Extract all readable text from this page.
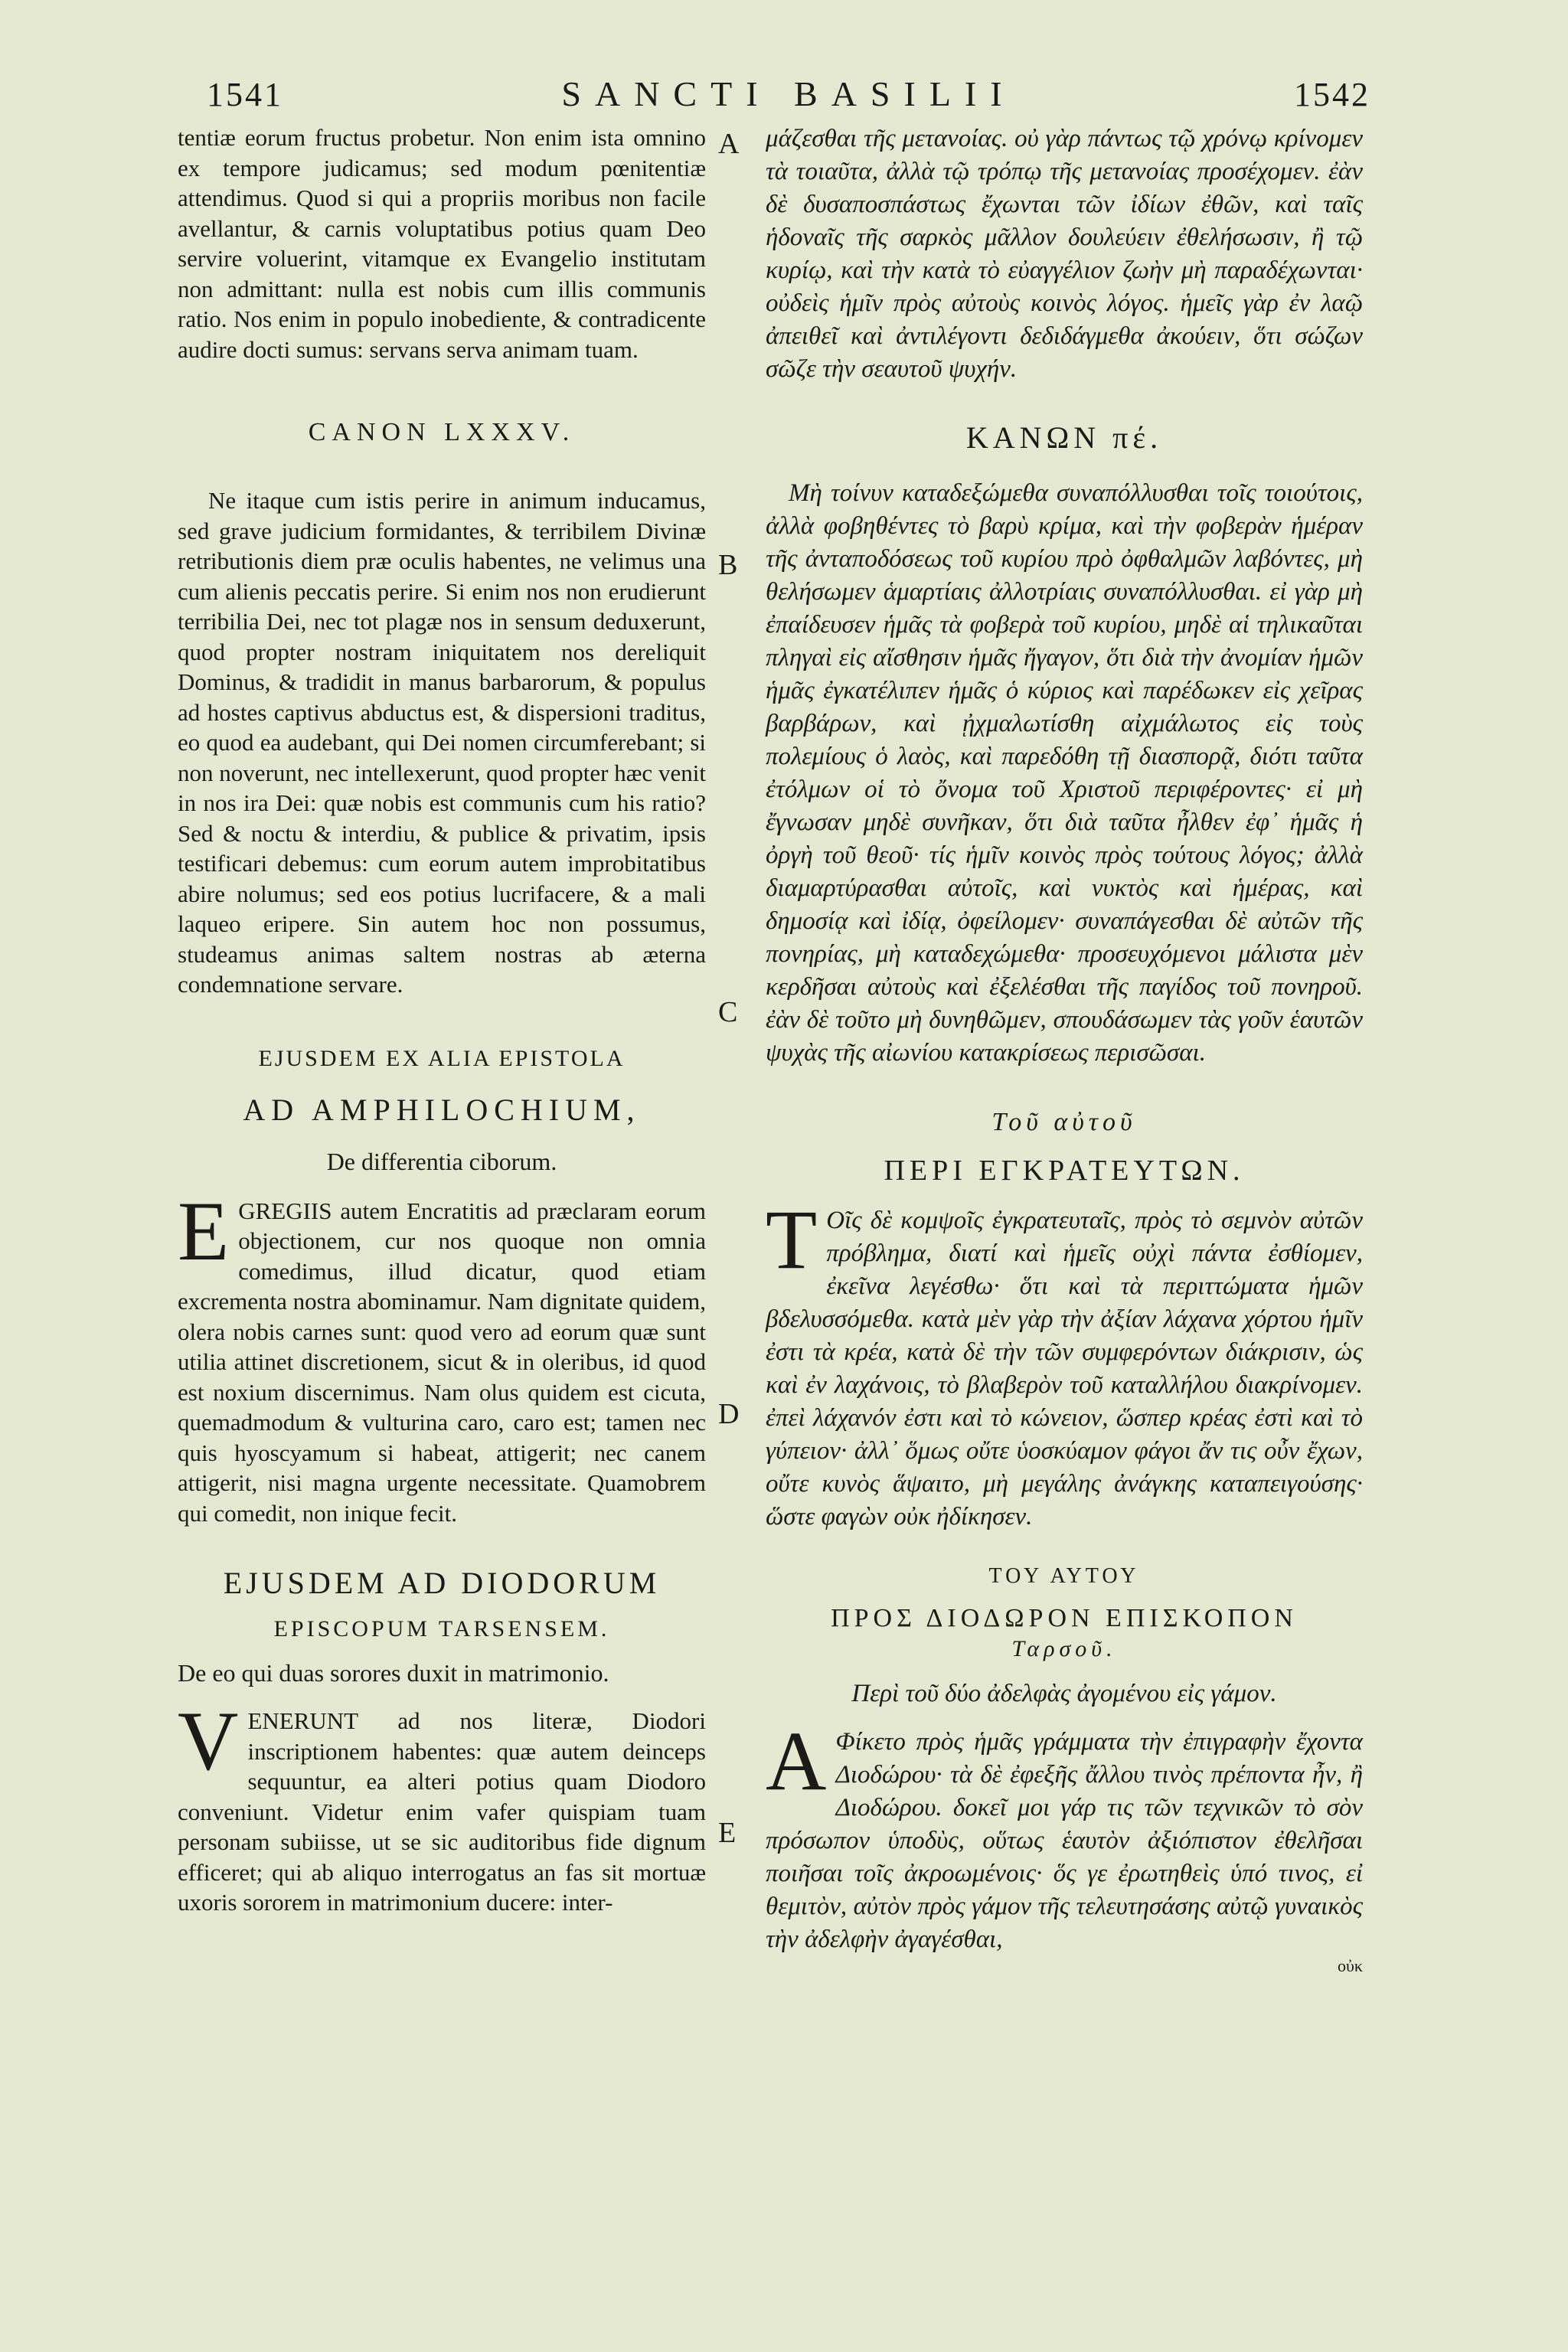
1541	SANCTI BASILII	1542
A
B
C
D
E

tentiæ eorum fructus probetur. Non enim ista omnino ex tempore judicamus; sed modum pœnitentiæ attendimus. Quod si qui a propriis moribus non facile avellantur, & carnis voluptatibus potius quam Deo servire voluerint, vitamque ex Evangelio institutam non admittant: nulla est nobis cum illis communis ratio. Nos enim in populo inobediente, & contradicente audire docti sumus: servans serva animam tuam.

CANON LXXXV.

Ne itaque cum istis perire in animum inducamus, sed grave judicium formidantes, & terribilem Divinæ retributionis diem præ oculis habentes, ne velimus una cum alienis peccatis perire. Si enim nos non erudierunt terribilia Dei, nec tot plagæ nos in sensum deduxerunt, quod propter nostram iniquitatem nos dereliquit Dominus, & tradidit in manus barbarorum, & populus ad hostes captivus abductus est, & dispersioni traditus, eo quod ea audebant, qui Dei nomen circumferebant; si non noverunt, nec intellexerunt, quod propter hæc venit in nos ira Dei: quæ nobis est communis cum his ratio? Sed & noctu & interdiu, & publice & privatim, ipsis testificari debemus: cum eorum autem improbitatibus abire nolumus; sed eos potius lucrifacere, & a mali laqueo eripere. Sin autem hoc non possumus, studeamus animas saltem nostras ab æterna condemnatione servare.

EJUSDEM EX ALIA EPISTOLA

AD AMPHILOCHIUM,

De differentia ciborum.

E GREGIIS autem Encratitis ad præclaram eorum objectionem, cur nos quoque non omnia comedimus, illud dicatur, quod etiam excrementa nostra abominamur. Nam dignitate quidem, olera nobis carnes sunt: quod vero ad eorum quæ sunt utilia attinet discretionem, sicut & in oleribus, id quod est noxium discernimus. Nam olus quidem est cicuta, quemadmodum & vulturina caro, caro est; tamen nec quis hyoscyamum si habeat, attigerit; nec canem attigerit, nisi magna urgente necessitate. Quamobrem qui comedit, non inique fecit.

EJUSDEM AD DIODORUM

EPISCOPUM TARSENSEM.

De eo qui duas sorores duxit in matrimonio.

V ENERUNT ad nos literæ, Diodori inscriptionem habentes: quæ autem deinceps sequuntur, ea alteri potius quam Diodoro conveniunt. Videtur enim vafer quispiam tuam personam subiisse, ut se sic auditoribus fide dignum efficeret; qui ab aliquo interrogatus an fas sit mortuæ uxoris sororem in matrimonium ducere: inter-

μάζεσθαι τῆς μετανοίας. οὐ γὰρ πάντως τῷ χρόνῳ κρίνομεν τὰ τοιαῦτα, ἀλλὰ τῷ τρόπῳ τῆς μετανοίας προσέχομεν. ἐὰν δὲ δυσαποσπάστως ἔχωνται τῶν ἰδίων ἐθῶν, καὶ ταῖς ἡδοναῖς τῆς σαρκὸς μᾶλλον δουλεύειν ἐθελήσωσιν, ἢ τῷ κυρίῳ, καὶ τὴν κατὰ τὸ εὐαγγέλιον ζωὴν μὴ παραδέχωνται· οὐδεὶς ἡμῖν πρὸς αὐτοὺς κοινὸς λόγος. ἡμεῖς γὰρ ἐν λαῷ ἀπειθεῖ καὶ ἀντιλέγοντι δεδιδάγμεθα ἀκούειν, ὅτι σώζων σῶζε τὴν σεαυτοῦ ψυχήν.

ΚΑΝΩΝ πέ.

Μὴ τοίνυν καταδεξώμεθα συναπόλλυσθαι τοῖς τοιούτοις, ἀλλὰ φοβηθέντες τὸ βαρὺ κρίμα, καὶ τὴν φοβερὰν ἡμέραν τῆς ἀνταποδόσεως τοῦ κυρίου πρὸ ὀφθαλμῶν λαβόντες, μὴ θελήσωμεν ἁμαρτίαις ἀλλοτρίαις συναπόλλυσθαι. εἰ γὰρ μὴ ἐπαίδευσεν ἡμᾶς τὰ φοβερὰ τοῦ κυρίου, μηδὲ αἱ τηλικαῦται πληγαὶ εἰς αἴσθησιν ἡμᾶς ἤγαγον, ὅτι διὰ τὴν ἀνομίαν ἡμῶν ἡμᾶς ἐγκατέλιπεν ἡμᾶς ὁ κύριος καὶ παρέδωκεν εἰς χεῖρας βαρβάρων, καὶ ᾐχμαλωτίσθη αἰχμάλωτος εἰς τοὺς πολεμίους ὁ λαὸς, καὶ παρεδόθη τῇ διασπορᾷ, διότι ταῦτα ἐτόλμων οἱ τὸ ὄνομα τοῦ Χριστοῦ περιφέροντες· εἰ μὴ ἔγνωσαν μηδὲ συνῆκαν, ὅτι διὰ ταῦτα ἦλθεν ἐφ᾽ ἡμᾶς ἡ ὀργὴ τοῦ θεοῦ· τίς ἡμῖν κοινὸς πρὸς τούτους λόγος; ἀλλὰ διαμαρτύρασθαι αὐτοῖς, καὶ νυκτὸς καὶ ἡμέρας, καὶ δημοσίᾳ καὶ ἰδίᾳ, ὀφείλομεν· συναπάγεσθαι δὲ αὐτῶν τῆς πονηρίας, μὴ καταδεχώμεθα· προσευχόμενοι μάλιστα μὲν κερδῆσαι αὐτοὺς καὶ ἐξελέσθαι τῆς παγίδος τοῦ πονηροῦ. ἐὰν δὲ τοῦτο μὴ δυνηθῶμεν, σπουδάσωμεν τὰς γοῦν ἑαυτῶν ψυχὰς τῆς αἰωνίου κατακρίσεως περισῶσαι.

Τοῦ αὐτοῦ

ΠΕΡΙ ΕΓΚΡΑΤΕΥΤΩΝ.

Τ Οῖς δὲ κομψοῖς ἐγκρατευταῖς, πρὸς τὸ σεμνὸν αὐτῶν πρόβλημα, διατί καὶ ἡμεῖς οὐχὶ πάντα ἐσθίομεν, ἐκεῖνα λεγέσθω· ὅτι καὶ τὰ περιττώματα ἡμῶν βδελυσσόμεθα. κατὰ μὲν γὰρ τὴν ἀξίαν λάχανα χόρτου ἡμῖν ἐστι τὰ κρέα, κατὰ δὲ τὴν τῶν συμφερόντων διάκρισιν, ὡς καὶ ἐν λαχάνοις, τὸ βλαβερὸν τοῦ καταλλήλου διακρίνομεν. ἐπεὶ λάχανόν ἐστι καὶ τὸ κώνειον, ὥσπερ κρέας ἐστὶ καὶ τὸ γύπειον· ἀλλ᾽ ὅμως οὔτε ὑοσκύαμον φάγοι ἄν τις οὖν ἔχων, οὔτε κυνὸς ἅψαιτο, μὴ μεγάλης ἀνάγκης καταπειγούσης· ὥστε φαγὼν οὐκ ἠδίκησεν.

ΤΟΥ ΑΥΤΟΥ

ΠΡΟΣ ΔΙΟΔΩΡΟΝ ΕΠΙΣΚΟΠΟΝ

Ταρσοῦ.

Περὶ τοῦ δύο ἀδελφὰς ἀγομένου εἰς γάμον.

Α Φίκετο πρὸς ἡμᾶς γράμματα τὴν ἐπιγραφὴν ἔχοντα Διοδώρου· τὰ δὲ ἐφεξῆς ἄλλου τινὸς πρέποντα ἦν, ἢ Διοδώρου. δοκεῖ μοι γάρ τις τῶν τεχνικῶν τὸ σὸν πρόσωπον ὑποδὺς, οὕτως ἑαυτὸν ἀξιόπιστον ἐθελῆσαι ποιῆσαι τοῖς ἀκροωμένοις· ὅς γε ἐρωτηθεὶς ὑπό τινος, εἰ θεμιτὸν, αὐτὸν πρὸς γάμον τῆς τελευτησάσης αὐτῷ γυναικὸς τὴν ἀδελφὴν ἀγαγέσθαι,

οὐκ
